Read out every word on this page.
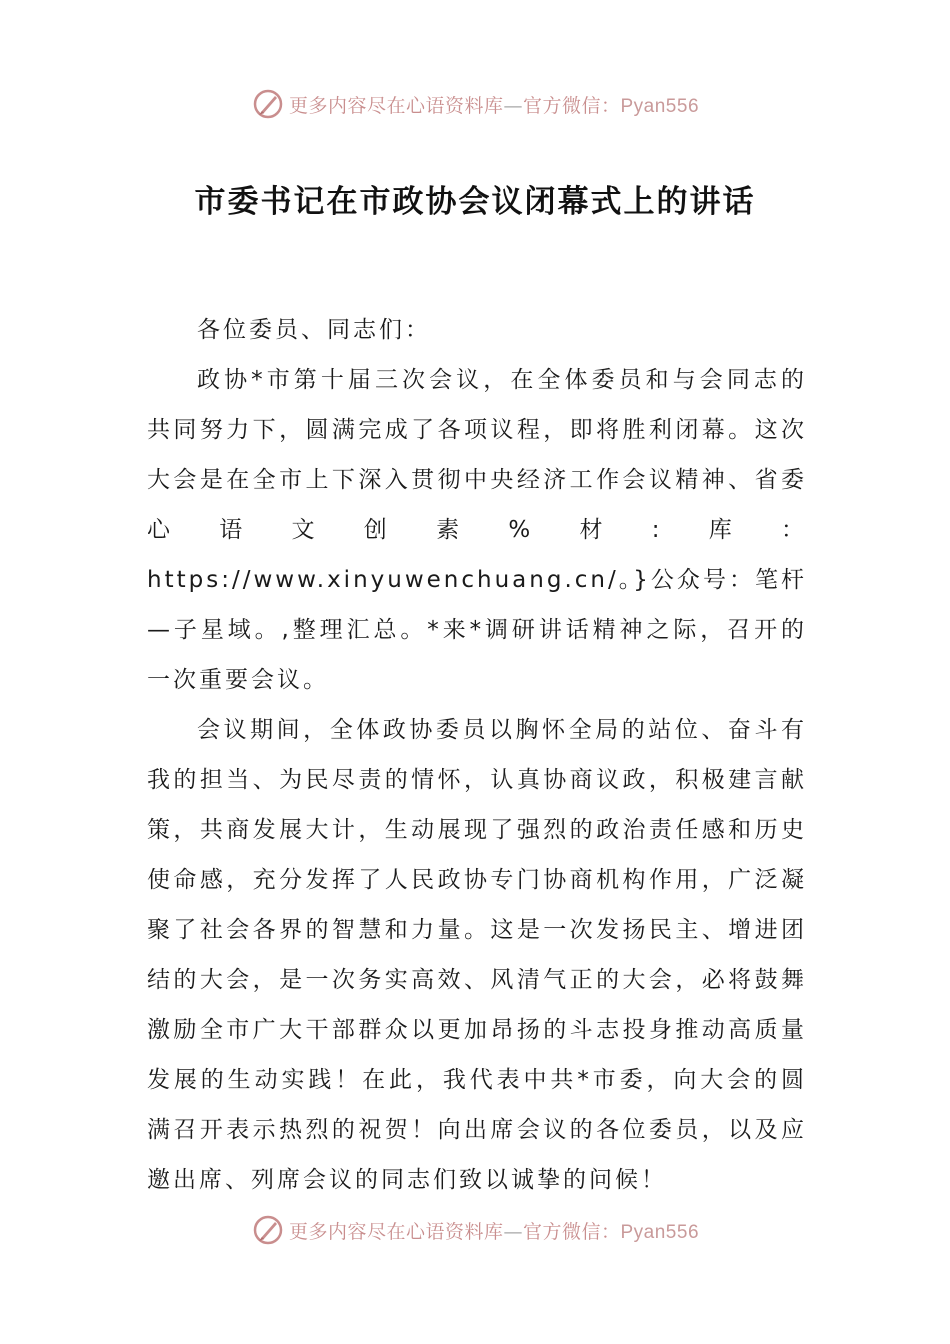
更多内容尽在心语资料库—官方微信：Pyan556
市委书记在市政协会议闭幕式上的讲话

各位委员、同志们：

政协*市第十届三次会议，在全体委员和与会同志的共同努力下，圆满完成了各项议程，即将胜利闭幕。这次大会是在全市上下深入贯彻中央经济工作会议精神、省委心语文创素%材:库：https://www.xinyuwenchuang.cn/。}公众号：笔杆—子星域。,整理汇总。*来*调研讲话精神之际，召开的一次重要会议。

会议期间，全体政协委员以胸怀全局的站位、奋斗有我的担当、为民尽责的情怀，认真协商议政，积极建言献策，共商发展大计，生动展现了强烈的政治责任感和历史使命感，充分发挥了人民政协专门协商机构作用，广泛凝聚了社会各界的智慧和力量。这是一次发扬民主、增进团结的大会，是一次务实高效、风清气正的大会，必将鼓舞激励全市广大干部群众以更加昂扬的斗志投身推动高质量发展的生动实践！在此，我代表中共*市委，向大会的圆满召开表示热烈的祝贺！向出席会议的各位委员，以及应邀出席、列席会议的同志们致以诚挚的问候！

更多内容尽在心语资料库—官方微信：Pyan556
